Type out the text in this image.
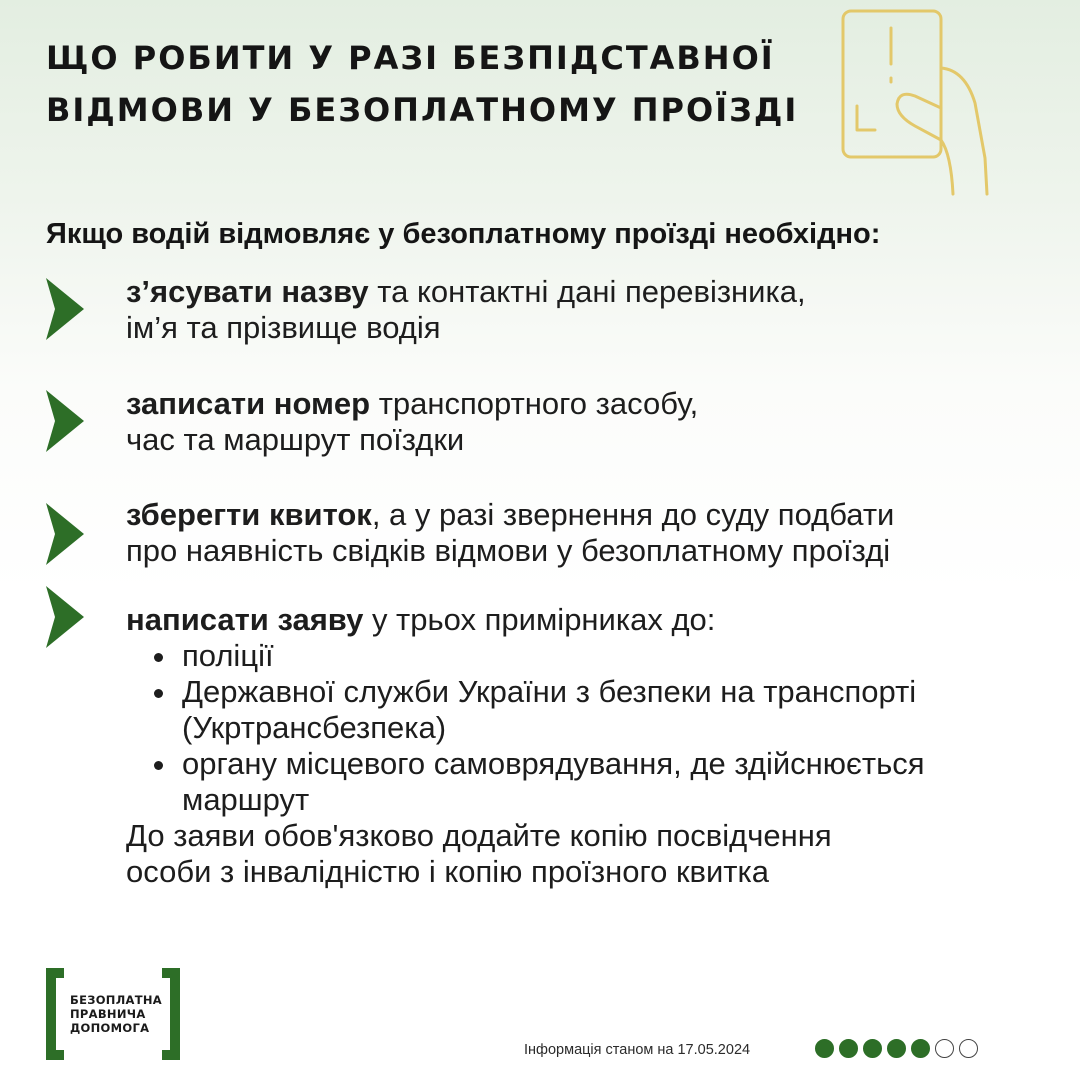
ЩО РОБИТИ У РАЗІ БЕЗПІДСТАВНОЇ
ВІДМОВИ У БЕЗОПЛАТНОМУ ПРОЇЗДІ
Якщо водій відмовляє у безоплатному проїзді необхідно:
з’ясувати назву та контактні дані перевізника,
ім’я та прізвище водія
записати номер транспортного засобу,
час та маршрут поїздки
зберегти квиток, а у разі звернення до суду подбати
про наявність свідків відмови у безоплатному проїзді
написати заяву у трьох примірниках до:
поліції
Державної служби України з безпеки на транспорті
(Укртрансбезпека)
органу місцевого самоврядування, де здійснюється
маршрут
До заяви обов'язково додайте копію посвідчення
особи з інвалідністю і копію проїзного квитка
БЕЗОПЛАТНА
ПРАВНИЧА
ДОПОМОГА
Інформація станом на 17.05.2024
